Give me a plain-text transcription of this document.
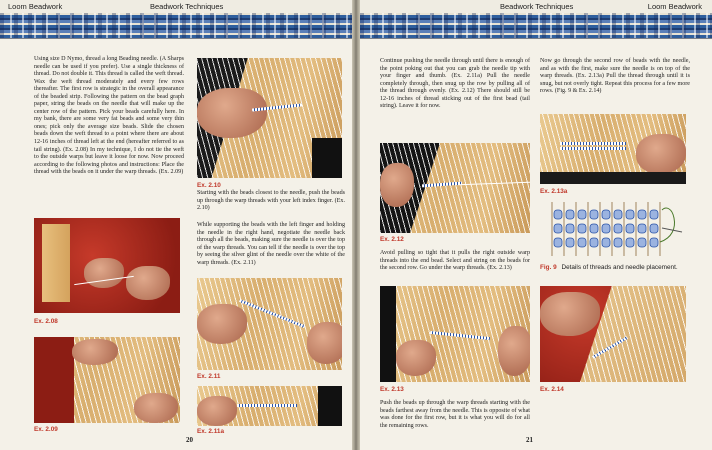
Loom Beadwork	Beadwork Techniques

Using size D Nymo, thread a long Beading needle. (A Sharps needle can be used if you prefer). Use a single thickness of thread. Do not double it. This thread is called the weft thread. Wax the weft thread moderately and every few rows thereafter. The first row is strategic in the overall appearance of the beaded strip. Following the pattern on the bead graph paper, string the beads on the needle that will make up the center row of the pattern. Pick your beads carefully here. In my bank, there are some very fat beads and some very thin ones; pick only the average size beads. Slide the chosen beads down the weft thread to a point where there are about 12-16 inches of thread left at the end (hereafter referred to as tail string). (Ex. 2.08) In my technique, I do not tie the weft to the outside warps but leave it loose for now. Now proceed according to the following photos and instructions: Place the thread with the beads on it under the warp threads. (Ex. 2.09)

Ex. 2.08
Ex. 2.09
Ex. 2.10

Starting with the beads closest to the needle, push the beads up through the warp threads with your left index finger. (Ex. 2.10)

While supporting the beads with the left finger and holding the needle in the right hand, negotiate the needle back through all the beads, making sure the needle is over the top of the warp threads. You can tell if the needle is over the top by seeing the silver glint of the needle over the white of the warp threads. (Ex. 2.11)

Ex. 2.11
Ex. 2.11a
20
Beadwork Techniques	Loom Beadwork

Continue pushing the needle through until there is enough of the point poking out that you can grab the needle tip with your finger and thumb. (Ex. 2.11a) Pull the needle completely through, then snug up the row by pulling all of the thread through evenly. (Ex. 2.12) There should still be 12-16 inches of thread sticking out of the first bead (tail string). Leave it for now.

Ex. 2.12

Avoid pulling so tight that it pulls the right outside warp threads into the end bead. Select and string on the beads for the second row. Go under the warp threads. (Ex. 2.13)

Ex. 2.13

Push the beads up through the warp threads starting with the beads farthest away from the needle. This is opposite of what was done for the first row, but it is what you will do for all the remaining rows.

Now go through the second row of beads with the needle, and as with the first, make sure the needle is on top of the warp threads. (Ex. 2.13a) Pull the thread through until it is snug, but not overly tight. Repeat this process for a few more rows. (Fig. 9 & Ex. 2.14)

Ex. 2.13a
Fig. 9 Details of threads and needle placement.
Ex. 2.14
21
